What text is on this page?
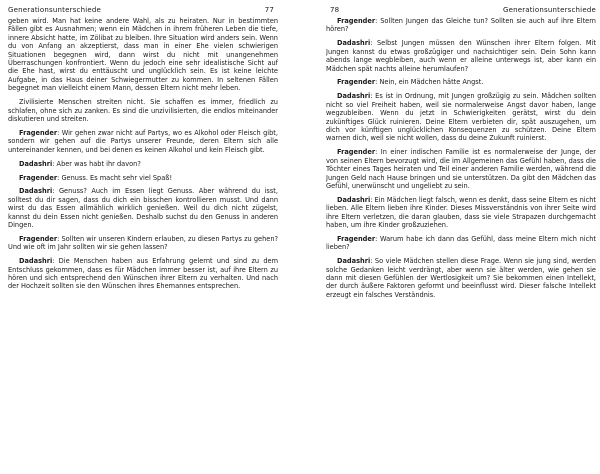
Generationsunterschiede	77

geben wird. Man hat keine andere Wahl, als zu heiraten. Nur in bestimmten Fällen gibt es Ausnahmen; wenn ein Mädchen in ihrem früheren Leben die tiefe, innere Absicht hatte, im Zölibat zu bleiben. Ihre Situation wird anders sein. Wenn du von Anfang an akzeptierst, dass man in einer Ehe vielen schwierigen Situationen begegnen wird, dann wirst du nicht mit unangenehmen Überraschungen konfrontiert. Wenn du jedoch eine sehr idealistische Sicht auf die Ehe hast, wirst du enttäuscht und unglücklich sein. Es ist keine leichte Aufgabe, in das Haus deiner Schwiegermutter zu kommen. In seltenen Fällen begegnet man vielleicht einem Mann, dessen Eltern nicht mehr leben.

Zivilisierte Menschen streiten nicht. Sie schaffen es immer, friedlich zu schlafen, ohne sich zu zanken. Es sind die unzivilisierten, die endlos miteinander diskutieren und streiten.

Fragender: Wir gehen zwar nicht auf Partys, wo es Alkohol oder Fleisch gibt, sondern wir gehen auf die Partys unserer Freunde, deren Eltern sich alle untereinander kennen, und bei denen es keinen Alkohol und kein Fleisch gibt.

Dadashri: Aber was habt ihr davon?

Fragender: Genuss. Es macht sehr viel Spaß!

Dadashri: Genuss? Auch im Essen liegt Genuss. Aber während du isst, solltest du dir sagen, dass du dich ein bisschen kontrollieren musst. Und dann wirst du das Essen allmählich wirklich genießen. Weil du dich nicht zügelst, kannst du dein Essen nicht genießen. Deshalb suchst du den Genuss in anderen Dingen.

Fragender: Sollten wir unseren Kindern erlauben, zu diesen Partys zu gehen? Und wie oft im Jahr sollten wir sie gehen lassen?

Dadashri: Die Menschen haben aus Erfahrung gelernt und sind zu dem Entschluss gekommen, dass es für Mädchen immer besser ist, auf ihre Eltern zu hören und sich entsprechend den Wünschen ihrer Eltern zu verhalten. Und nach der Hochzeit sollten sie den Wünschen ihres Ehemannes entsprechen.

78	Generationsunterschiede

Fragender: Sollten Jungen das Gleiche tun? Sollten sie auch auf ihre Eltern hören?

Dadashri: Selbst Jungen müssen den Wünschen ihrer Eltern folgen. Mit Jungen kannst du etwas großzügiger und nachsichtiger sein. Dein Sohn kann abends lange wegbleiben, auch wenn er alleine unterwegs ist, aber kann ein Mädchen spät nachts alleine herumlaufen?

Fragender: Nein, ein Mädchen hätte Angst.

Dadashri: Es ist in Ordnung, mit Jungen großzügig zu sein. Mädchen sollten nicht so viel Freiheit haben, weil sie normalerweise Angst davor haben, lange wegzubleiben. Wenn du jetzt in Schwierigkeiten gerätst, wirst du dein zukünftiges Glück ruinieren. Deine Eltern verbieten dir, spät auszugehen, um dich vor künftigen unglücklichen Konsequenzen zu schützen. Deine Eltern warnen dich, weil sie nicht wollen, dass du deine Zukunft ruinierst.

Fragender: In einer indischen Familie ist es normalerweise der Junge, der von seinen Eltern bevorzugt wird, die im Allgemeinen das Gefühl haben, dass die Töchter eines Tages heiraten und Teil einer anderen Familie werden, während die Jungen Geld nach Hause bringen und sie unterstützen. Da gibt den Mädchen das Gefühl, unerwünscht und ungeliebt zu sein.

Dadashri: Ein Mädchen liegt falsch, wenn es denkt, dass seine Eltern es nicht lieben. Alle Eltern lieben ihre Kinder. Dieses Missverständnis von ihrer Seite wird ihre Eltern verletzen, die daran glauben, dass sie viele Strapazen durchgemacht haben, um ihre Kinder großzuziehen.

Fragender: Warum habe ich dann das Gefühl, dass meine Eltern mich nicht lieben?

Dadashri: So viele Mädchen stellen diese Frage. Wenn sie jung sind, werden solche Gedanken leicht verdrängt, aber wenn sie älter werden, wie gehen sie dann mit diesen Gefühlen der Wertlosigkeit um? Sie bekommen einen Intellekt, der durch äußere Faktoren geformt und beeinflusst wird. Dieser falsche Intellekt erzeugt ein falsches Verständnis.
